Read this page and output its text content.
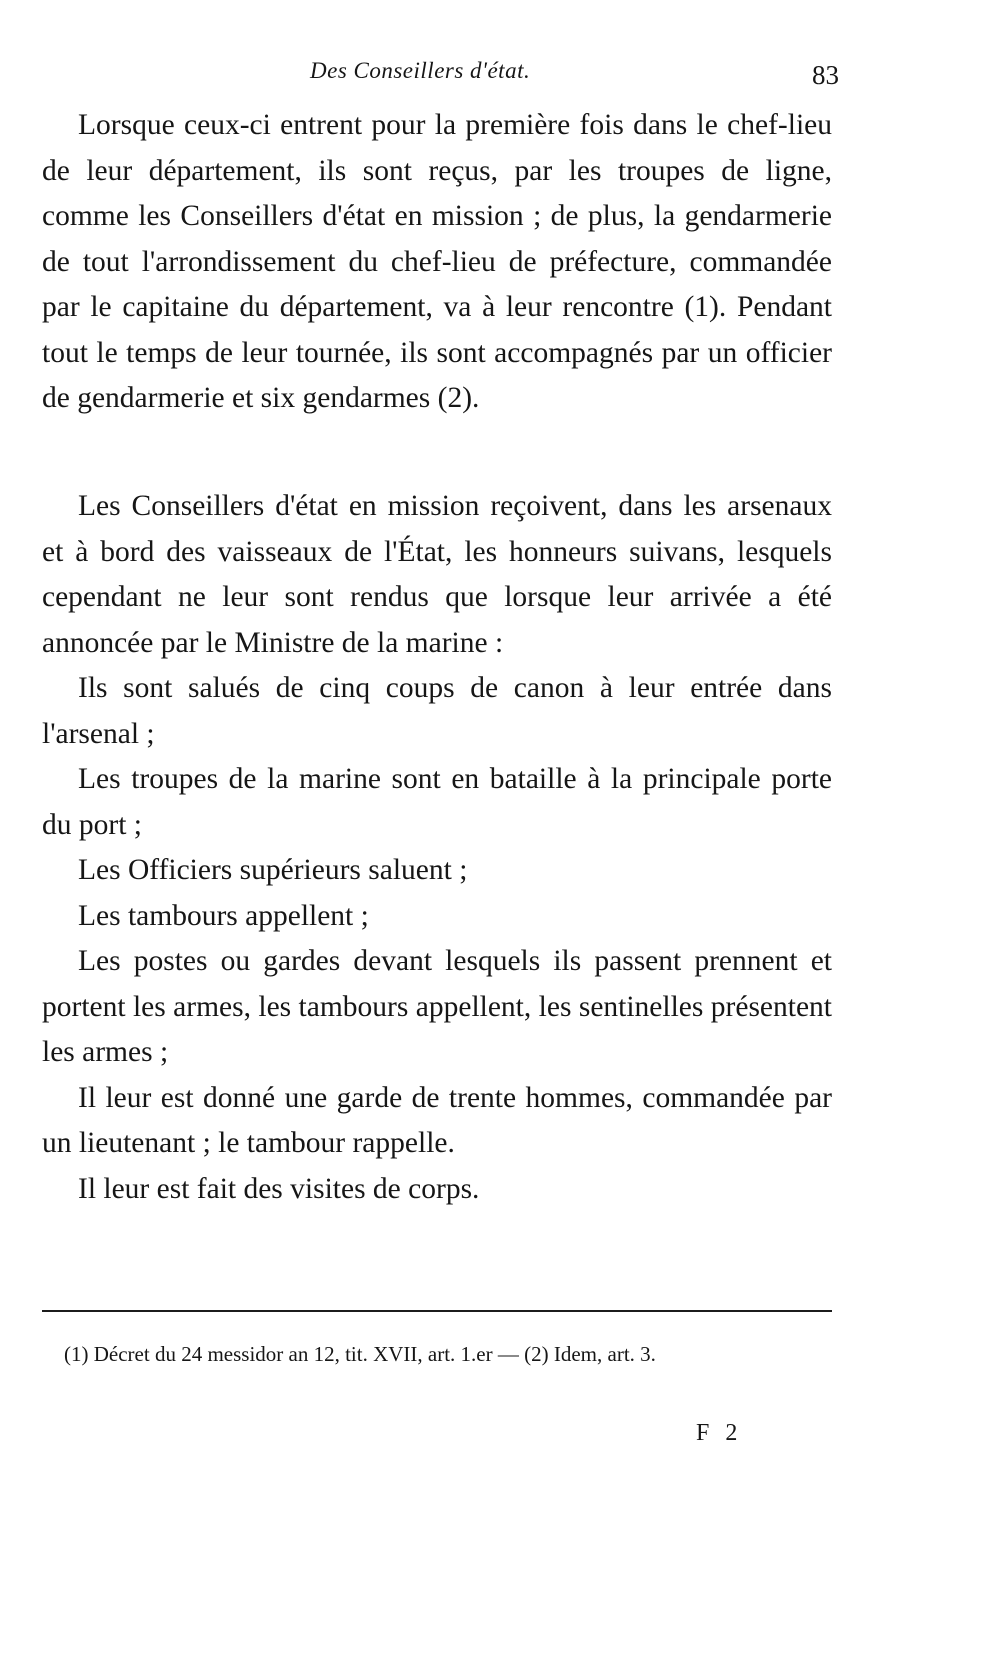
Des Conseillers d'état.	83

Lorsque ceux-ci entrent pour la première fois dans le chef-lieu de leur département, ils sont reçus, par les troupes de ligne, comme les Conseillers d'état en mission ; de plus, la gendarmerie de tout l'arrondissement du chef-lieu de préfecture, commandée par le capitaine du département, va à leur rencontre (1). Pendant tout le temps de leur tournée, ils sont accompagnés par un officier de gendarmerie et six gendarmes (2).

Les Conseillers d'état en mission reçoivent, dans les arsenaux et à bord des vaisseaux de l'État, les honneurs suivans, lesquels cependant ne leur sont rendus que lorsque leur arrivée a été annoncée par le Ministre de la marine :

Ils sont salués de cinq coups de canon à leur entrée dans l'arsenal ;

Les troupes de la marine sont en bataille à la principale porte du port ;

Les Officiers supérieurs saluent ;

Les tambours appellent ;

Les postes ou gardes devant lesquels ils passent prennent et portent les armes, les tambours appellent, les sentinelles présentent les armes ;

Il leur est donné une garde de trente hommes, commandée par un lieutenant ; le tambour rappelle.

Il leur est fait des visites de corps.

(1) Décret du 24 messidor an 12, tit. XVII, art. 1.er — (2) Idem, art. 3.

F 2
